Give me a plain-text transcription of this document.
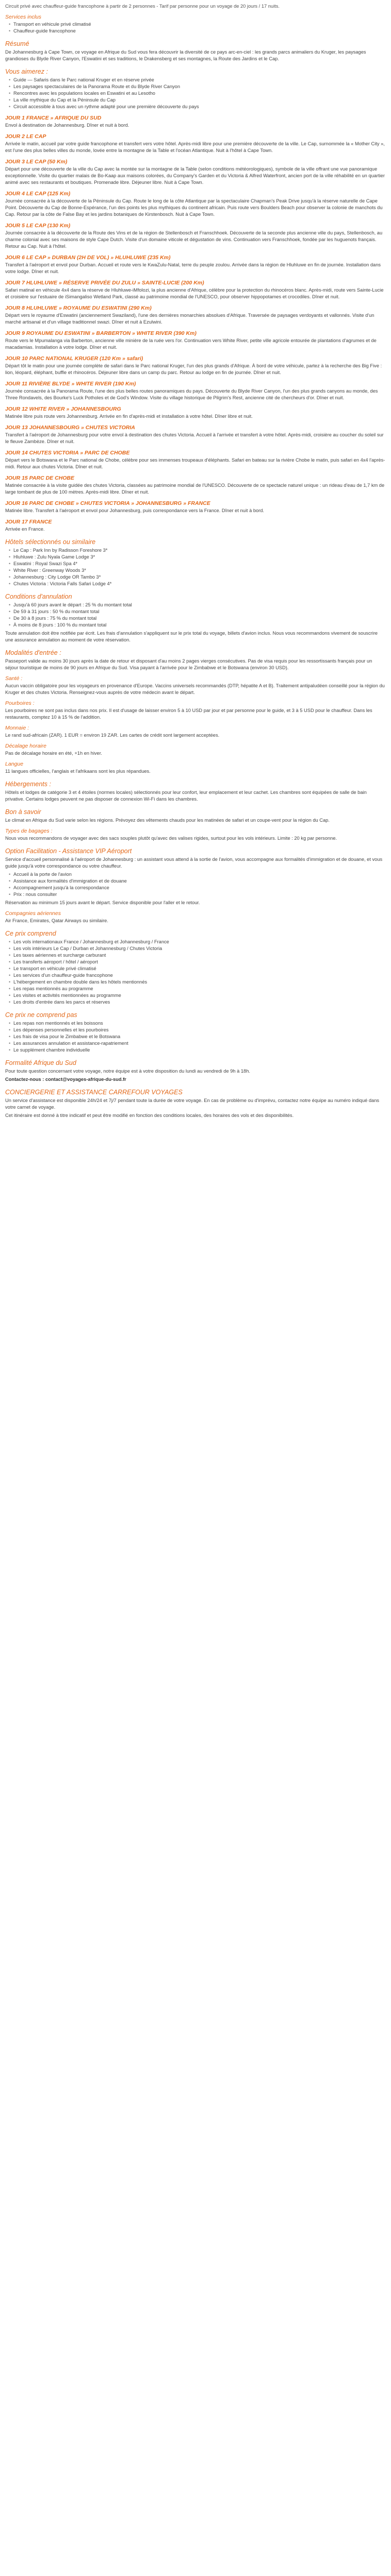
Circuit privé avec chauffeur-guide francophone à partir de 2 personnes - Tarif par personne pour un voyage de 20 jours / 17 nuits.

Services inclus
• Transport en véhicule privé climatisé
• Chauffeur-guide francophone
Résumé

De Johannesburg à Cape Town, ce voyage en Afrique du Sud vous fera découvrir la diversité de ce pays arc-en-ciel : les grands parcs animaliers du Kruger, les paysages grandioses du Blyde River Canyon, l'Eswatini et ses traditions, le Drakensberg et ses montagnes, la Route des Jardins et le Cap.

Vous aimerez :
• Guide — Safaris dans le Parc national Kruger et en réserve privée
• Les paysages spectaculaires de la Panorama Route et du Blyde River Canyon
• Rencontres avec les populations locales en Eswatini et au Lesotho
• La ville mythique du Cap et la Péninsule du Cap
• Circuit accessible à tous avec un rythme adapté pour une première découverte du pays
JOUR 1 FRANCE » AFRIQUE DU SUD

Envol à destination de Johannesburg. Dîner et nuit à bord.

JOUR 2 LE CAP

Arrivée le matin, accueil par votre guide francophone et transfert vers votre hôtel. Après-midi libre pour une première découverte de la ville. Le Cap, surnommée la « Mother City », est l'une des plus belles villes du monde, lovée entre la montagne de la Table et l'océan Atlantique. Nuit à l'hôtel à Cape Town.

JOUR 3 LE CAP (50 Km)

Départ pour une découverte de la ville du Cap avec la montée sur la montagne de la Table (selon conditions météorologiques), symbole de la ville offrant une vue panoramique exceptionnelle. Visite du quartier malais de Bo-Kaap aux maisons colorées, du Company's Garden et du Victoria & Alfred Waterfront, ancien port de la ville réhabilité en un quartier animé avec ses restaurants et boutiques. Promenade libre. Déjeuner libre. Nuit à Cape Town.

JOUR 4 LE CAP (125 Km)

Journée consacrée à la découverte de la Péninsule du Cap. Route le long de la côte Atlantique par la spectaculaire Chapman's Peak Drive jusqu'à la réserve naturelle de Cape Point. Découverte du Cap de Bonne-Espérance, l'un des points les plus mythiques du continent africain. Puis route vers Boulders Beach pour observer la colonie de manchots du Cap. Retour par la côte de False Bay et les jardins botaniques de Kirstenbosch. Nuit à Cape Town.

JOUR 5 LE CAP (130 Km)

Journée consacrée à la découverte de la Route des Vins et de la région de Stellenbosch et Franschhoek. Découverte de la seconde plus ancienne ville du pays, Stellenbosch, au charme colonial avec ses maisons de style Cape Dutch. Visite d'un domaine viticole et dégustation de vins. Continuation vers Franschhoek, fondée par les huguenots français. Retour au Cap. Nuit à l'hôtel.

JOUR 6 LE CAP » DURBAN (2H DE VOL) » HLUHLUWE (235 Km)

Transfert à l'aéroport et envol pour Durban. Accueil et route vers le KwaZulu-Natal, terre du peuple zoulou. Arrivée dans la région de Hluhluwe en fin de journée. Installation dans votre lodge. Dîner et nuit.

JOUR 7 HLUHLUWE » RÉSERVE PRIVÉE DU ZULU » SAINTE-LUCIE (200 Km)

Safari matinal en véhicule 4x4 dans la réserve de Hluhluwe-iMfolozi, la plus ancienne d'Afrique, célèbre pour la protection du rhinocéros blanc. Après-midi, route vers Sainte-Lucie et croisière sur l'estuaire de iSimangaliso Wetland Park, classé au patrimoine mondial de l'UNESCO, pour observer hippopotames et crocodiles. Dîner et nuit.

JOUR 8 HLUHLUWE » ROYAUME DU ESWATINI (290 Km)

Départ vers le royaume d'Eswatini (anciennement Swaziland), l'une des dernières monarchies absolues d'Afrique. Traversée de paysages verdoyants et vallonnés. Visite d'un marché artisanal et d'un village traditionnel swazi. Dîner et nuit à Ezulwini.

JOUR 9 ROYAUME DU ESWATINI » BARBERTON » WHITE RIVER (390 Km)

Route vers le Mpumalanga via Barberton, ancienne ville minière de la ruée vers l'or. Continuation vers White River, petite ville agricole entourée de plantations d'agrumes et de macadamias. Installation à votre lodge. Dîner et nuit.

JOUR 10 PARC NATIONAL KRUGER (120 Km » safari)

Départ tôt le matin pour une journée complète de safari dans le Parc national Kruger, l'un des plus grands d'Afrique. À bord de votre véhicule, partez à la recherche des Big Five : lion, léopard, éléphant, buffle et rhinocéros. Déjeuner libre dans un camp du parc. Retour au lodge en fin de journée. Dîner et nuit.

JOUR 11 RIVIÈRE BLYDE » WHITE RIVER (190 Km)

Journée consacrée à la Panorama Route, l'une des plus belles routes panoramiques du pays. Découverte du Blyde River Canyon, l'un des plus grands canyons au monde, des Three Rondavels, des Bourke's Luck Potholes et de God's Window. Visite du village historique de Pilgrim's Rest, ancienne cité de chercheurs d'or. Dîner et nuit.

JOUR 12 WHITE RIVER » JOHANNESBOURG

Matinée libre puis route vers Johannesburg. Arrivée en fin d'après-midi et installation à votre hôtel. Dîner libre et nuit.

JOUR 13 JOHANNESBOURG » CHUTES VICTORIA

Transfert à l'aéroport de Johannesburg pour votre envol à destination des chutes Victoria. Accueil à l'arrivée et transfert à votre hôtel. Après-midi, croisière au coucher du soleil sur le fleuve Zambèze. Dîner et nuit.

JOUR 14 CHUTES VICTORIA » PARC DE CHOBE

Départ vers le Botswana et le Parc national de Chobe, célèbre pour ses immenses troupeaux d'éléphants. Safari en bateau sur la rivière Chobe le matin, puis safari en 4x4 l'après-midi. Retour aux chutes Victoria. Dîner et nuit.

JOUR 15 PARC DE CHOBE

Matinée consacrée à la visite guidée des chutes Victoria, classées au patrimoine mondial de l'UNESCO. Découverte de ce spectacle naturel unique : un rideau d'eau de 1,7 km de large tombant de plus de 100 mètres. Après-midi libre. Dîner et nuit.

JOUR 16 PARC DE CHOBE » CHUTES VICTORIA » JOHANNESBURG » FRANCE

Matinée libre. Transfert à l'aéroport et envol pour Johannesburg, puis correspondance vers la France. Dîner et nuit à bord.

JOUR 17 FRANCE

Arrivée en France.

Hôtels sélectionnés ou similaire
• Le Cap : Park Inn by Radisson Foreshore 3*
• Hluhluwe : Zulu Nyala Game Lodge 3*
• Eswatini : Royal Swazi Spa 4*
• White River : Greenway Woods 3*
• Johannesburg : City Lodge OR Tambo 3*
• Chutes Victoria : Victoria Falls Safari Lodge 4*
Conditions d'annulation
• Jusqu'à 60 jours avant le départ : 25 % du montant total
• De 59 à 31 jours : 50 % du montant total
• De 30 à 8 jours : 75 % du montant total
• À moins de 8 jours : 100 % du montant total

Toute annulation doit être notifiée par écrit. Les frais d'annulation s'appliquent sur le prix total du voyage, billets d'avion inclus. Nous vous recommandons vivement de souscrire une assurance annulation au moment de votre réservation.

Modalités d'entrée :

Passeport valide au moins 30 jours après la date de retour et disposant d'au moins 2 pages vierges consécutives. Pas de visa requis pour les ressortissants français pour un séjour touristique de moins de 90 jours en Afrique du Sud. Visa payant à l'arrivée pour le Zimbabwe et le Botswana (environ 30 USD).

Santé :

Aucun vaccin obligatoire pour les voyageurs en provenance d'Europe. Vaccins universels recommandés (DTP, hépatite A et B). Traitement antipaludéen conseillé pour la région du Kruger et des chutes Victoria. Renseignez-vous auprès de votre médecin avant le départ.

Pourboires :

Les pourboires ne sont pas inclus dans nos prix. Il est d'usage de laisser environ 5 à 10 USD par jour et par personne pour le guide, et 3 à 5 USD pour le chauffeur. Dans les restaurants, comptez 10 à 15 % de l'addition.

Monnaie :

Le rand sud-africain (ZAR). 1 EUR = environ 19 ZAR. Les cartes de crédit sont largement acceptées.

Décalage horaire

Pas de décalage horaire en été, +1h en hiver.

Langue

11 langues officielles, l'anglais et l'afrikaans sont les plus répandues.

Hébergements :

Hôtels et lodges de catégorie 3 et 4 étoiles (normes locales) sélectionnés pour leur confort, leur emplacement et leur cachet. Les chambres sont équipées de salle de bain privative. Certains lodges peuvent ne pas disposer de connexion Wi-Fi dans les chambres.

Bon à savoir

Le climat en Afrique du Sud varie selon les régions. Prévoyez des vêtements chauds pour les matinées de safari et un coupe-vent pour la région du Cap.

Types de bagages :

Nous vous recommandons de voyager avec des sacs souples plutôt qu'avec des valises rigides, surtout pour les vols intérieurs. Limite : 20 kg par personne.

Option Facilitation - Assistance VIP Aéroport

Service d'accueil personnalisé à l'aéroport de Johannesburg : un assistant vous attend à la sortie de l'avion, vous accompagne aux formalités d'immigration et de douane, et vous guide jusqu'à votre correspondance ou votre chauffeur.

• Accueil à la porte de l'avion
• Assistance aux formalités d'immigration et de douane
• Accompagnement jusqu'à la correspondance
• Prix : nous consulter

Réservation au minimum 15 jours avant le départ. Service disponible pour l'aller et le retour.

Compagnies aériennes

Air France, Emirates, Qatar Airways ou similaire.

Ce prix comprend
• Les vols internationaux France / Johannesburg et Johannesburg / France
• Les vols intérieurs Le Cap / Durban et Johannesburg / Chutes Victoria
• Les taxes aériennes et surcharge carburant
• Les transferts aéroport / hôtel / aéroport
• Le transport en véhicule privé climatisé
• Les services d'un chauffeur-guide francophone
• L'hébergement en chambre double dans les hôtels mentionnés
• Les repas mentionnés au programme
• Les visites et activités mentionnées au programme
• Les droits d'entrée dans les parcs et réserves
Ce prix ne comprend pas
• Les repas non mentionnés et les boissons
• Les dépenses personnelles et les pourboires
• Les frais de visa pour le Zimbabwe et le Botswana
• Les assurances annulation et assistance-rapatriement
• Le supplément chambre individuelle
Formalité Afrique du Sud

Pour toute question concernant votre voyage, notre équipe est à votre disposition du lundi au vendredi de 9h à 18h.

Contactez-nous : contact@voyages-afrique-du-sud.fr

CONCIERGERIE ET ASSISTANCE CARREFOUR VOYAGES

Un service d'assistance est disponible 24h/24 et 7j/7 pendant toute la durée de votre voyage. En cas de problème ou d'imprévu, contactez notre équipe au numéro indiqué dans votre carnet de voyage.

Cet itinéraire est donné à titre indicatif et peut être modifié en fonction des conditions locales, des horaires des vols et des disponibilités.
